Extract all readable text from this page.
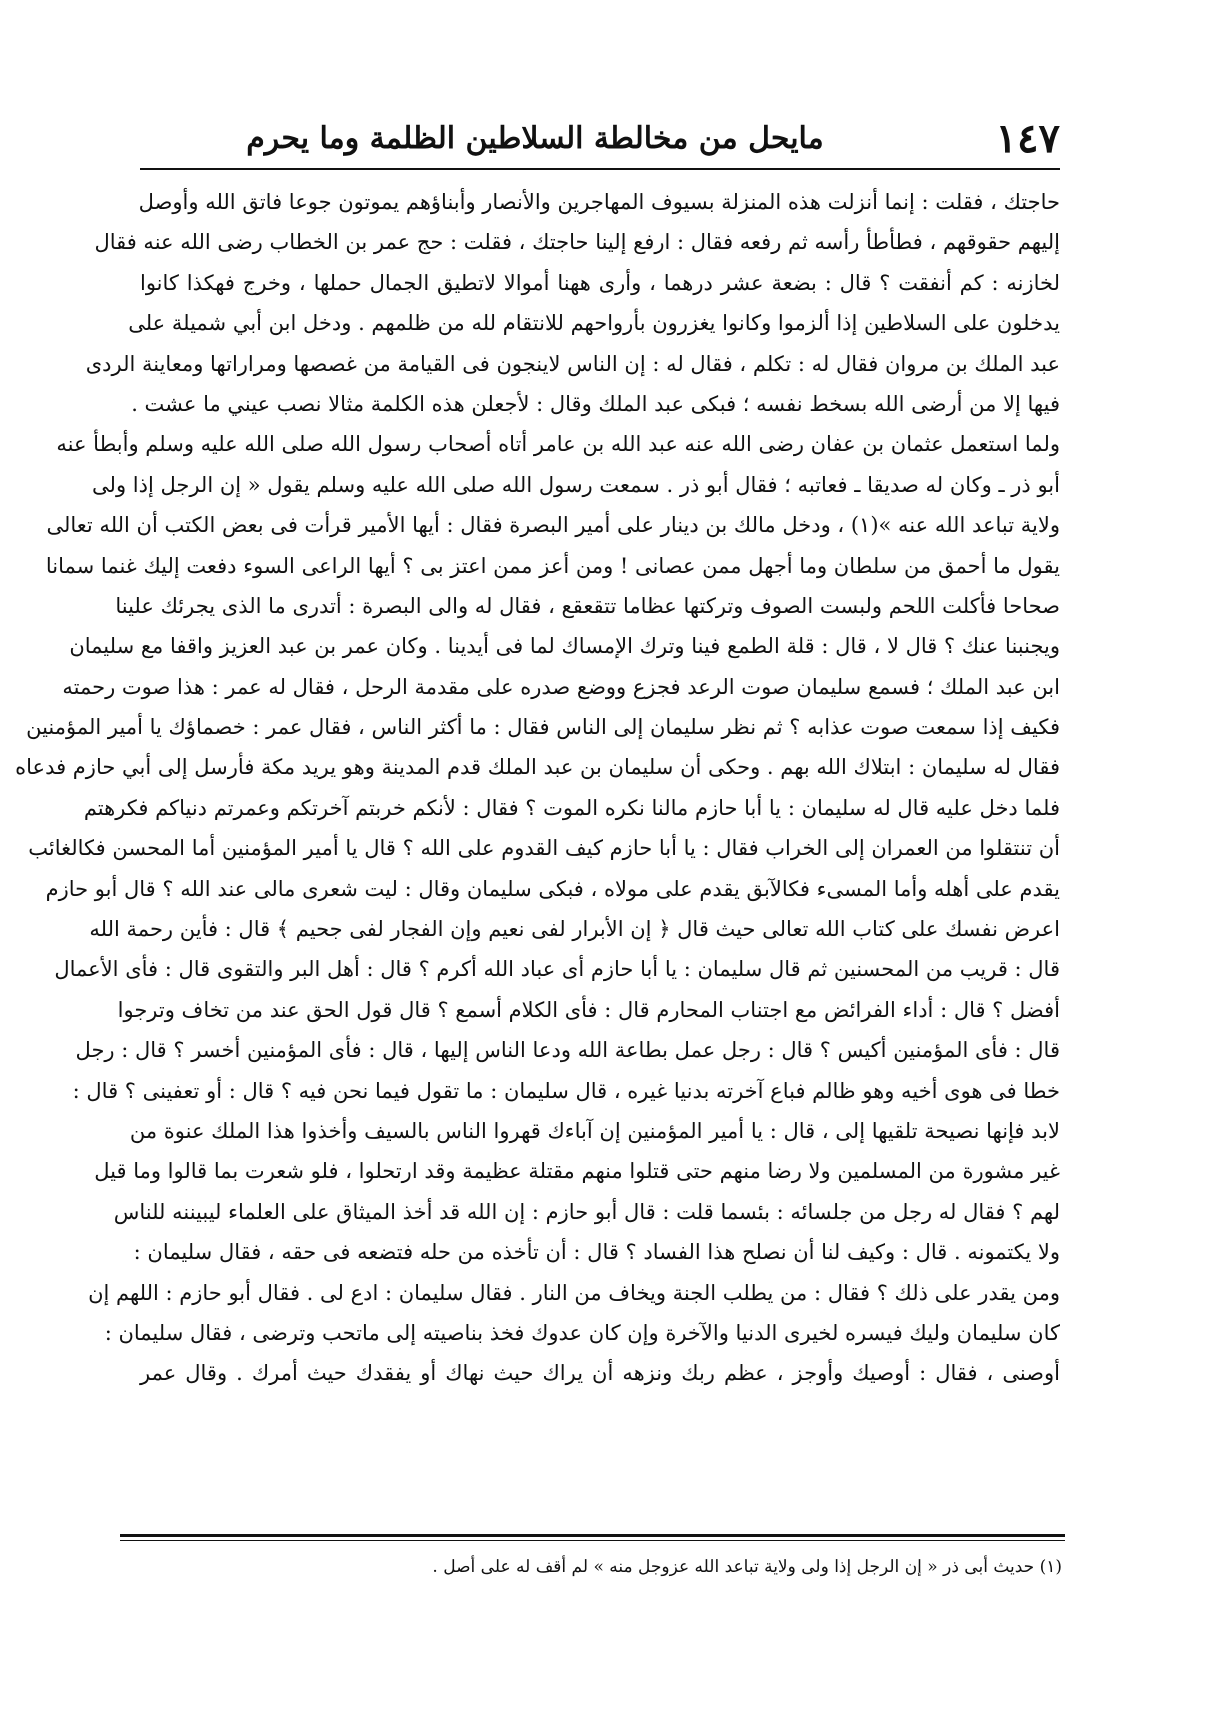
١٤٧
مايحل من مخالطة السلاطين الظلمة وما يحرم
حاجتك ، فقلت : إنما أنزلت هذه المنزلة بسيوف المهاجرين والأنصار وأبناؤهم يموتون جوعا فاتق الله وأوصل
إليهم حقوقهم ، فطأطأ رأسه ثم رفعه فقال : ارفع إلينا حاجتك ، فقلت : حج عمر بن الخطاب رضى الله عنه فقال
لخازنه : كم أنفقت ؟ قال : بضعة عشر درهما ، وأرى ههنا أموالا لاتطيق الجمال حملها ، وخرج فهكذا كانوا
يدخلون على السلاطين إذا ألزموا وكانوا يغزرون بأرواحهم للانتقام لله من ظلمهم . ودخل ابن أبي شميلة على
عبد الملك بن مروان فقال له : تكلم ، فقال له : إن الناس لاينجون فى القيامة من غصصها ومراراتها ومعاينة الردى
فيها إلا من أرضى الله بسخط نفسه ؛ فبكى عبد الملك وقال : لأجعلن هذه الكلمة مثالا نصب عيني ما عشت .
ولما استعمل عثمان بن عفان رضى الله عنه عبد الله بن عامر أتاه أصحاب رسول الله صلى الله عليه وسلم وأبطأ عنه
أبو ذر ـ وكان له صديقا ـ فعاتبه ؛ فقال أبو ذر . سمعت رسول الله صلى الله عليه وسلم يقول « إن الرجل إذا ولى
ولاية تباعد الله عنه »(١) ، ودخل مالك بن دينار على أمير البصرة فقال : أيها الأمير قرأت فى بعض الكتب أن الله تعالى
يقول ما أحمق من سلطان وما أجهل ممن عصانى ! ومن أعز ممن اعتز بى ؟ أيها الراعى السوء دفعت إليك غنما سمانا
صحاحا فأكلت اللحم ولبست الصوف وتركتها عظاما تتقعقع ، فقال له والى البصرة : أتدرى ما الذى يجرئك علينا
ويجنبنا عنك ؟ قال لا ، قال : قلة الطمع فينا وترك الإمساك لما فى أيدينا . وكان عمر بن عبد العزيز واقفا مع سليمان
ابن عبد الملك ؛ فسمع سليمان صوت الرعد فجزع ووضع صدره على مقدمة الرحل ، فقال له عمر : هذا صوت رحمته
فكيف إذا سمعت صوت عذابه ؟ ثم نظر سليمان إلى الناس فقال : ما أكثر الناس ، فقال عمر : خصماؤك يا أمير المؤمنين
فقال له سليمان : ابتلاك الله بهم . وحكى أن سليمان بن عبد الملك قدم المدينة وهو يريد مكة فأرسل إلى أبي حازم فدعاه
فلما دخل عليه قال له سليمان : يا أبا حازم مالنا نكره الموت ؟ فقال : لأنكم خربتم آخرتكم وعمرتم دنياكم فكرهتم
أن تنتقلوا من العمران إلى الخراب فقال : يا أبا حازم كيف القدوم على الله ؟ قال يا أمير المؤمنين أما المحسن فكالغائب
يقدم على أهله وأما المسىء فكالآبق يقدم على مولاه ، فبكى سليمان وقال : ليت شعرى مالى عند الله ؟ قال أبو حازم
اعرض نفسك على كتاب الله تعالى حيث قال ﴿ إن الأبرار لفى نعيم وإن الفجار لفى جحيم ﴾ قال : فأين رحمة الله
قال : قريب من المحسنين ثم قال سليمان : يا أبا حازم أى عباد الله أكرم ؟ قال : أهل البر والتقوى قال : فأى الأعمال
أفضل ؟ قال : أداء الفرائض مع اجتناب المحارم قال : فأى الكلام أسمع ؟ قال قول الحق عند من تخاف وترجوا
قال : فأى المؤمنين أكيس ؟ قال : رجل عمل بطاعة الله ودعا الناس إليها ، قال : فأى المؤمنين أخسر ؟ قال : رجل
خطا فى هوى أخيه وهو ظالم فباع آخرته بدنيا غيره ، قال سليمان : ما تقول فيما نحن فيه ؟ قال : أو تعفينى ؟ قال :
لابد فإنها نصيحة تلقيها إلى ، قال : يا أمير المؤمنين إن آباءك قهروا الناس بالسيف وأخذوا هذا الملك عنوة من
غير مشورة من المسلمين ولا رضا منهم حتى قتلوا منهم مقتلة عظيمة وقد ارتحلوا ، فلو شعرت بما قالوا وما قيل
لهم ؟ فقال له رجل من جلسائه : بئسما قلت : قال أبو حازم : إن الله قد أخذ الميثاق على العلماء ليبيننه للناس
ولا يكتمونه . قال : وكيف لنا أن نصلح هذا الفساد ؟ قال : أن تأخذه من حله فتضعه فى حقه ، فقال سليمان :
ومن يقدر على ذلك ؟ فقال : من يطلب الجنة ويخاف من النار . فقال سليمان : ادع لى . فقال أبو حازم : اللهم إن
كان سليمان وليك فيسره لخيرى الدنيا والآخرة وإن كان عدوك فخذ بناصيته إلى ماتحب وترضى ، فقال سليمان :
أوصنى ، فقال : أوصيك وأوجز ، عظم ربك ونزهه أن يراك حيث نهاك أو يفقدك حيث أمرك . وقال عمر
(١) حديث أبى ذر « إن الرجل إذا ولى ولاية تباعد الله عزوجل منه » لم أقف له على أصل .
